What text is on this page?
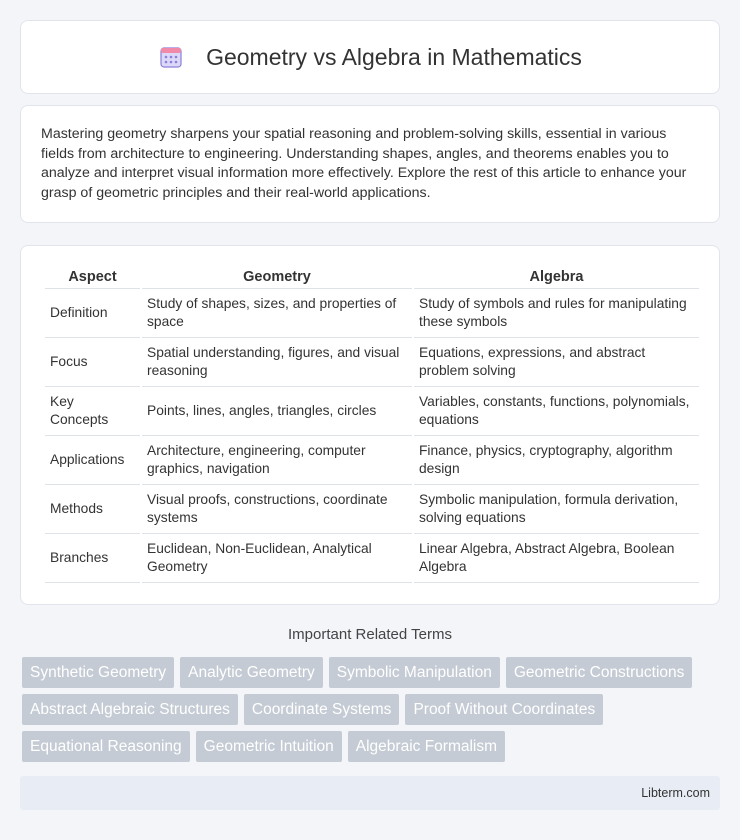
Geometry vs Algebra in Mathematics

Mastering geometry sharpens your spatial reasoning and problem-solving skills, essential in various fields from architecture to engineering. Understanding shapes, angles, and theorems enables you to analyze and interpret visual information more effectively. Explore the rest of this article to enhance your grasp of geometric principles and their real-world applications.

Aspect	Geometry	Algebra
Definition	Study of shapes, sizes, and properties of space	Study of symbols and rules for manipulating these symbols
Focus	Spatial understanding, figures, and visual reasoning	Equations, expressions, and abstract problem solving
Key Concepts	Points, lines, angles, triangles, circles	Variables, constants, functions, polynomials, equations
Applications	Architecture, engineering, computer graphics, navigation	Finance, physics, cryptography, algorithm design
Methods	Visual proofs, constructions, coordinate systems	Symbolic manipulation, formula derivation, solving equations
Branches	Euclidean, Non-Euclidean, Analytical Geometry	Linear Algebra, Abstract Algebra, Boolean Algebra
Important Related Terms
Synthetic Geometry	Analytic Geometry	Symbolic Manipulation	Geometric Constructions
Abstract Algebraic Structures	Coordinate Systems	Proof Without Coordinates
Equational Reasoning	Geometric Intuition	Algebraic Formalism
Libterm.com
